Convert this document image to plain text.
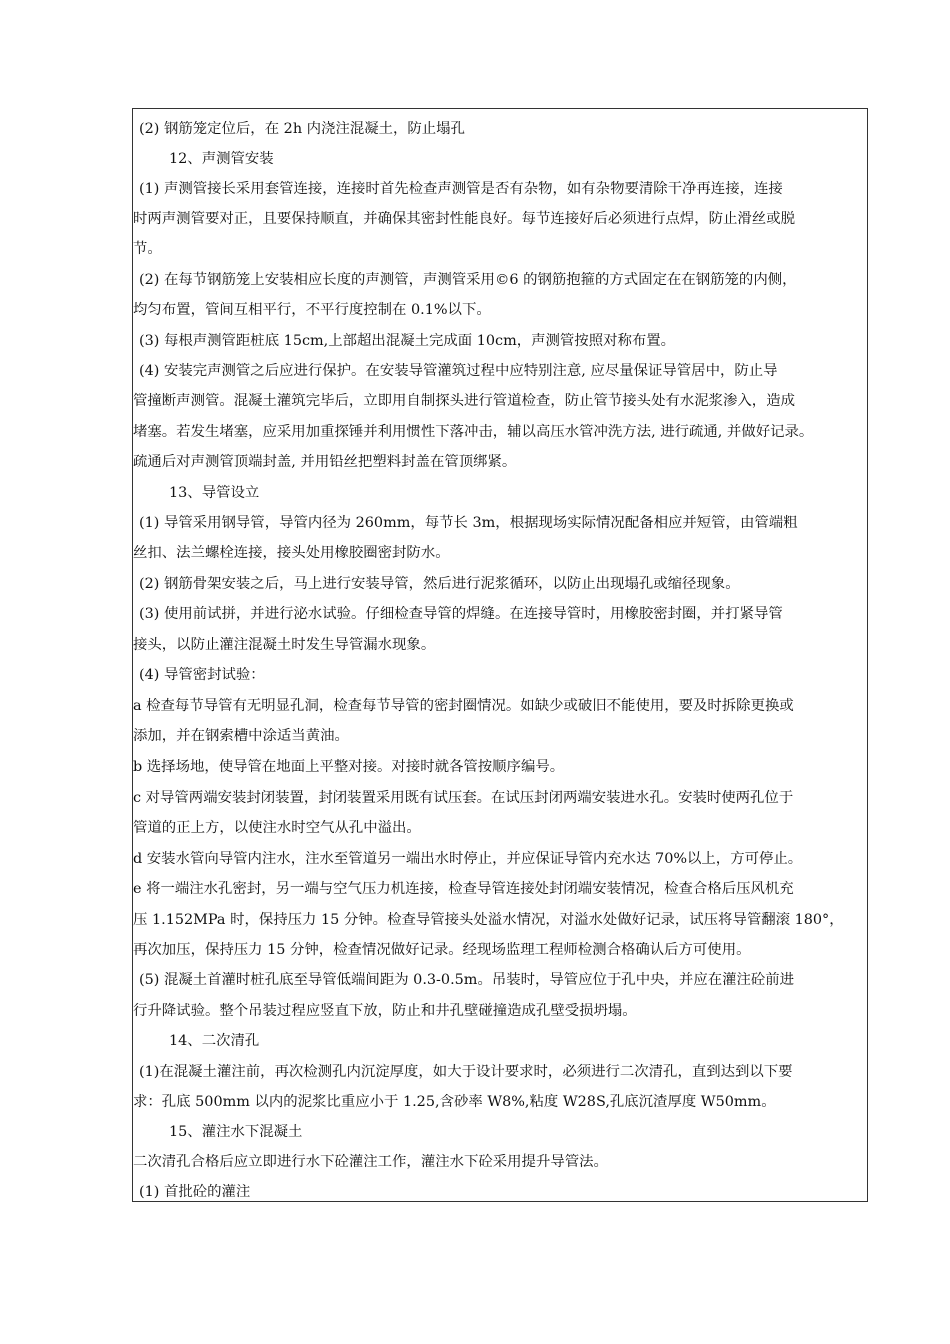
(2) 钢筋笼定位后，在 2h 内浇注混凝土，防止塌孔
12、声测管安装
(1) 声测管接长采用套管连接，连接时首先检查声测管是否有杂物，如有杂物要清除干净再连接，连接
时两声测管要对正，且要保持顺直，并确保其密封性能良好。每节连接好后必须进行点焊，防止滑丝或脱
节。
(2) 在每节钢筋笼上安装相应长度的声测管，声测管采用©6 的钢筋抱箍的方式固定在在钢筋笼的内侧，
均匀布置，管间互相平行，不平行度控制在 0.1%以下。
(3) 每根声测管距桩底 15cm,上部超出混凝土完成面 10cm，声测管按照对称布置。
(4) 安装完声测管之后应进行保护。在安装导管灌筑过程中应特别注意, 应尽量保证导管居中，防止导
管撞断声测管。混凝土灌筑完毕后，立即用自制探头进行管道检查，防止管节接头处有水泥浆渗入，造成
堵塞。若发生堵塞，应采用加重探锤并利用惯性下落冲击，辅以高压水管冲洗方法, 进行疏通, 并做好记录。
疏通后对声测管顶端封盖, 并用铅丝把塑料封盖在管顶绑紧。
13、导管设立
(1) 导管采用钢导管，导管内径为 260mm，每节长 3m，根据现场实际情况配备相应并短管，由管端粗
丝扣、法兰螺栓连接，接头处用橡胶圈密封防水。
(2) 钢筋骨架安装之后，马上进行安装导管，然后进行泥浆循环，以防止出现塌孔或缩径现象。
(3) 使用前试拼，并进行泌水试验。仔细检查导管的焊缝。在连接导管时，用橡胶密封圈，并打紧导管
接头，以防止灌注混凝土时发生导管漏水现象。
(4) 导管密封试验：
a 检查每节导管有无明显孔洞，检查每节导管的密封圈情况。如缺少或破旧不能使用，要及时拆除更换或
添加，并在钢索槽中涂适当黄油。
b 选择场地，使导管在地面上平整对接。对接时就各管按顺序编号。
c 对导管两端安装封闭装置，封闭装置采用既有试压套。在试压封闭两端安装进水孔。安装时使两孔位于
管道的正上方，以使注水时空气从孔中溢出。
d 安装水管向导管内注水，注水至管道另一端出水时停止，并应保证导管内充水达 70%以上，方可停止。
e 将一端注水孔密封，另一端与空气压力机连接，检查导管连接处封闭端安装情况，检查合格后压风机充
压 1.152MPa 时，保持压力 15 分钟。检查导管接头处溢水情况，对溢水处做好记录，试压将导管翻滚 180°，
再次加压，保持压力 15 分钟，检查情况做好记录。经现场监理工程师检测合格确认后方可使用。
(5) 混凝土首灌时桩孔底至导管低端间距为 0.3-0.5m。吊装时，导管应位于孔中央，并应在灌注砼前进
行升降试验。整个吊装过程应竖直下放，防止和井孔壁碰撞造成孔壁受损坍塌。
14、二次清孔
(1)在混凝土灌注前，再次检测孔内沉淀厚度，如大于设计要求时，必须进行二次清孔，直到达到以下要
求：孔底 500mm 以内的泥浆比重应小于 1.25,含砂率 W8%,粘度 W28S,孔底沉渣厚度 W50mm。
15、灌注水下混凝土
二次清孔合格后应立即进行水下砼灌注工作，灌注水下砼采用提升导管法。
(1) 首批砼的灌注
